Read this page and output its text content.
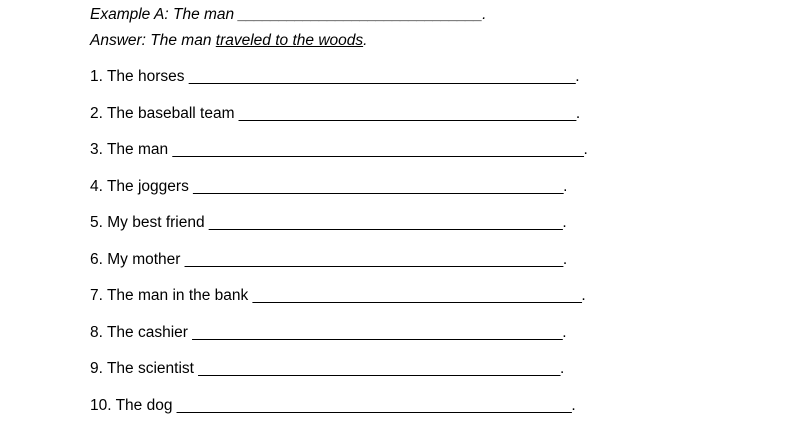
Example A: The man ______________________________.
Answer: The man traveled to the woods.
1. The horses _______________________________________________.
2. The baseball team _________________________________________.
3. The man __________________________________________________.
4. The joggers _____________________________________________.
5. My best friend ___________________________________________.
6. My mother ______________________________________________.
7. The man in the bank ________________________________________.
8. The cashier _____________________________________________.
9. The scientist ____________________________________________.
10. The dog ________________________________________________.
